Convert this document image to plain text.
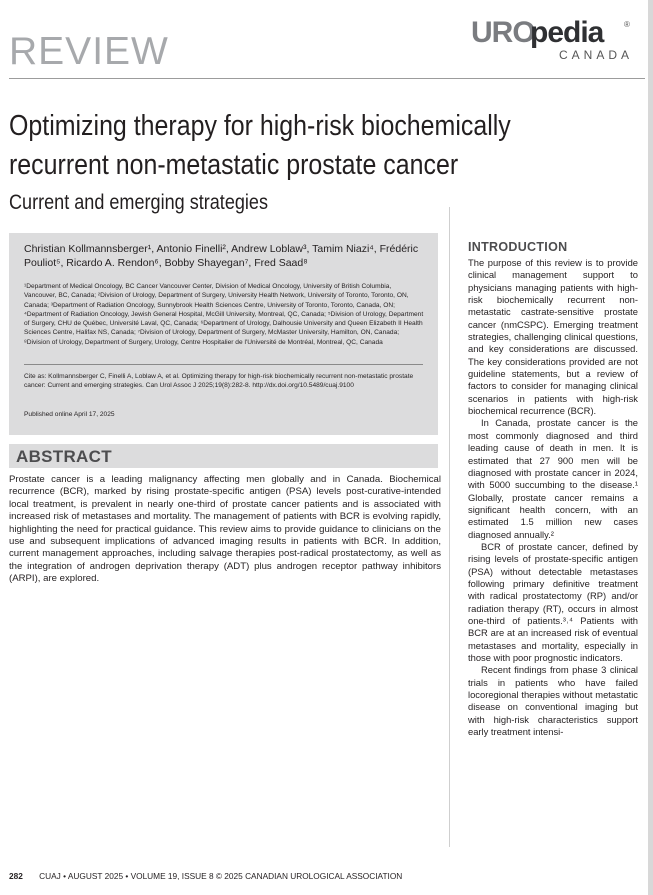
REVIEW	URO
pedia	®
CANADA
Optimizing therapy for high-risk biochemically recurrent non-metastatic prostate cancer
Current and emerging strategies
Christian Kollmannsberger¹, Antonio Finelli², Andrew Loblaw³, Tamim Niazi⁴, Frédéric Pouliot⁵, Ricardo A. Rendon⁶, Bobby Shayegan⁷, Fred Saad⁸
¹Department of Medical Oncology, BC Cancer Vancouver Center, Division of Medical Oncology, University of British Columbia, Vancouver, BC, Canada; ²Division of Urology, Department of Surgery, University Health Network, University of Toronto, Toronto, ON, Canada; ³Department of Radiation Oncology, Sunnybrook Health Sciences Centre, University of Toronto, Toronto, Canada, ON; ⁴Department of Radiation Oncology, Jewish General Hospital, McGill University, Montreal, QC, Canada; ⁵Division of Urology, Department of Surgery, CHU de Québec, Université Laval, QC, Canada; ⁶Department of Urology, Dalhousie University and Queen Elizabeth II Health Sciences Centre, Halifax NS, Canada; ⁷Division of Urology, Department of Surgery, McMaster University, Hamilton, ON, Canada; ⁸Division of Urology, Department of Surgery, Urology, Centre Hospitalier de l'Université de Montréal, Montreal, QC, Canada
Cite as: Kollmannsberger C, Finelli A, Loblaw A, et al. Optimizing therapy for high-risk biochemically recurrent non-metastatic prostate cancer: Current and emerging strategies. Can Urol Assoc J 2025;19(8):282-8. http://dx.doi.org/10.5489/cuaj.9100
Published online April 17, 2025
ABSTRACT
Prostate cancer is a leading malignancy affecting men globally and in Canada. Biochemical recurrence (BCR), marked by rising prostate-specific antigen (PSA) levels post-curative-intended local treatment, is prevalent in nearly one-third of prostate cancer patients and is associated with increased risk of metastases and mortality. The management of patients with BCR is evolving rapidly, highlighting the need for practical guidance. This review aims to provide guidance to clinicians on the use and subsequent implications of advanced imaging results in patients with BCR. In addition, current management approaches, including salvage therapies post-radical prostatectomy, as well as the integration of androgen deprivation therapy (ADT) plus androgen receptor pathway inhibitors (ARPI), are explored.
INTRODUCTION

The purpose of this review is to provide clinical management support to physicians managing patients with high-risk biochemically recurrent non-metastatic castrate-sensitive prostate cancer (nmCSPC). Emerging treatment strategies, challenging clinical questions, and key considerations are discussed. The key considerations provided are not guideline statements, but a review of factors to consider for managing clinical scenarios in patients with high-risk biochemical recurrence (BCR).

In Canada, prostate cancer is the most commonly diagnosed and third leading cause of death in men. It is estimated that 27 900 men will be diagnosed with prostate cancer in 2024, with 5000 succumbing to the disease.¹ Globally, prostate cancer remains a significant health concern, with an estimated 1.5 million new cases diagnosed annually.²

BCR of prostate cancer, defined by rising levels of prostate-specific antigen (PSA) without detectable metastases following primary definitive treatment with radical prostatectomy (RP) and/or radiation therapy (RT), occurs in almost one-third of patients.³˒⁴ Patients with BCR are at an increased risk of eventual metastases and mortality, especially in those with poor prognostic indicators.

Recent findings from phase 3 clinical trials in patients who have failed locoregional therapies without metastatic disease on conventional imaging but with high-risk characteristics support early treatment intensi-

282 CUAJ • AUGUST 2025 • VOLUME 19, ISSUE 8 © 2025 CANADIAN UROLOGICAL ASSOCIATION
